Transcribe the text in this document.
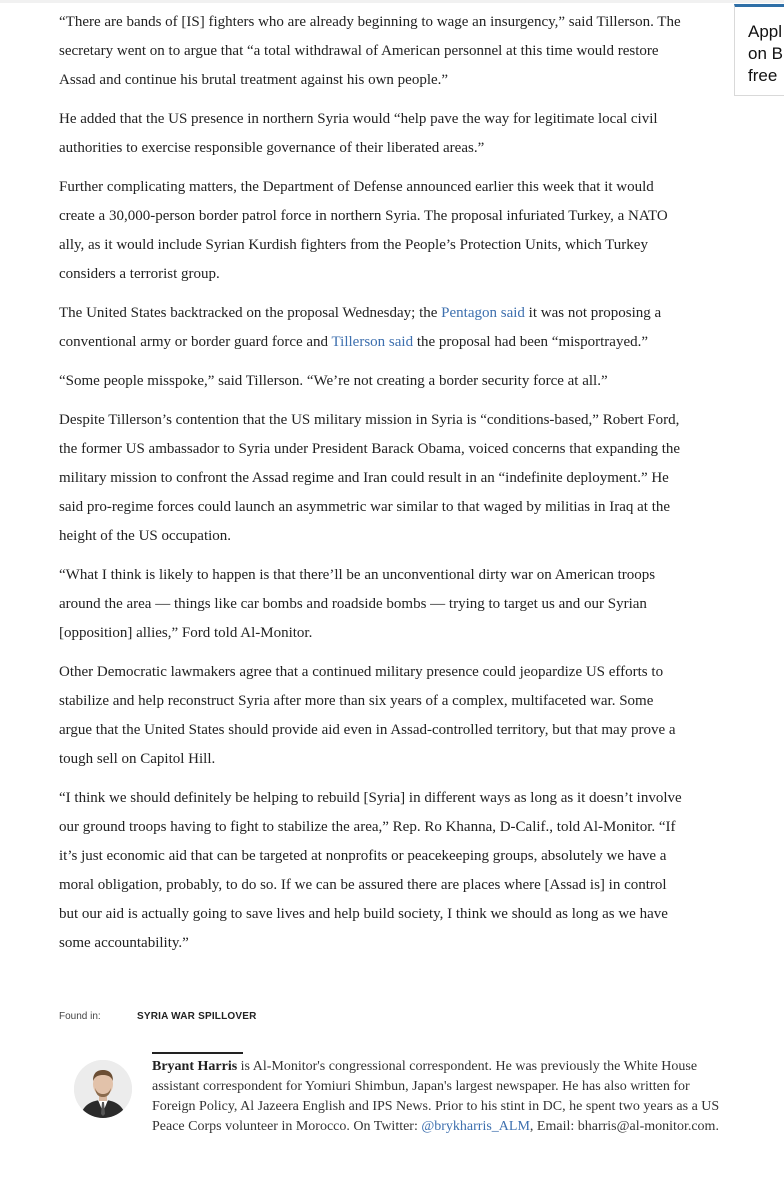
“There are bands of [IS] fighters who are already beginning to wage an insurgency,” said Tillerson. The secretary went on to argue that “a total withdrawal of American personnel at this time would restore Assad and continue his brutal treatment against his own people.”

He added that the US presence in northern Syria would “help pave the way for legitimate local civil authorities to exercise responsible governance of their liberated areas.”

Further complicating matters, the Department of Defense announced earlier this week that it would create a 30,000-person border patrol force in northern Syria. The proposal infuriated Turkey, a NATO ally, as it would include Syrian Kurdish fighters from the People’s Protection Units, which Turkey considers a terrorist group.

The United States backtracked on the proposal Wednesday; the Pentagon said it was not proposing a conventional army or border guard force and Tillerson said the proposal had been “misportrayed.”

“Some people misspoke,” said Tillerson. “We’re not creating a border security force at all.”

Despite Tillerson’s contention that the US military mission in Syria is “conditions-based,” Robert Ford, the former US ambassador to Syria under President Barack Obama, voiced concerns that expanding the military mission to confront the Assad regime and Iran could result in an “indefinite deployment.” He said pro-regime forces could launch an asymmetric war similar to that waged by militias in Iraq at the height of the US occupation.

“What I think is likely to happen is that there’ll be an unconventional dirty war on American troops around the area — things like car bombs and roadside bombs — trying to target us and our Syrian [opposition] allies,” Ford told Al-Monitor.

Other Democratic lawmakers agree that a continued military presence could jeopardize US efforts to stabilize and help reconstruct Syria after more than six years of a complex, multifaceted war. Some argue that the United States should provide aid even in Assad-controlled territory, but that may prove a tough sell on Capitol Hill.

“I think we should definitely be helping to rebuild [Syria] in different ways as long as it doesn’t involve our ground troops having to fight to stabilize the area,” Rep. Ro Khanna, D-Calif., told Al-Monitor. “If it’s just economic aid that can be targeted at nonprofits or peacekeeping groups, absolutely we have a moral obligation, probably, to do so. If we can be assured there are places where [Assad is] in control but our aid is actually going to save lives and help build society, I think we should as long as we have some accountability.”

Appl
on B
free
Found in:	SYRIA WAR SPILLOVER

Bryant Harris is Al-Monitor's congressional correspondent. He was previously the White House assistant correspondent for Yomiuri Shimbun, Japan's largest newspaper. He has also written for Foreign Policy, Al Jazeera English and IPS News. Prior to his stint in DC, he spent two years as a US Peace Corps volunteer in Morocco. On Twitter: @brykharris_ALM, Email: bharris@al-monitor.com.
